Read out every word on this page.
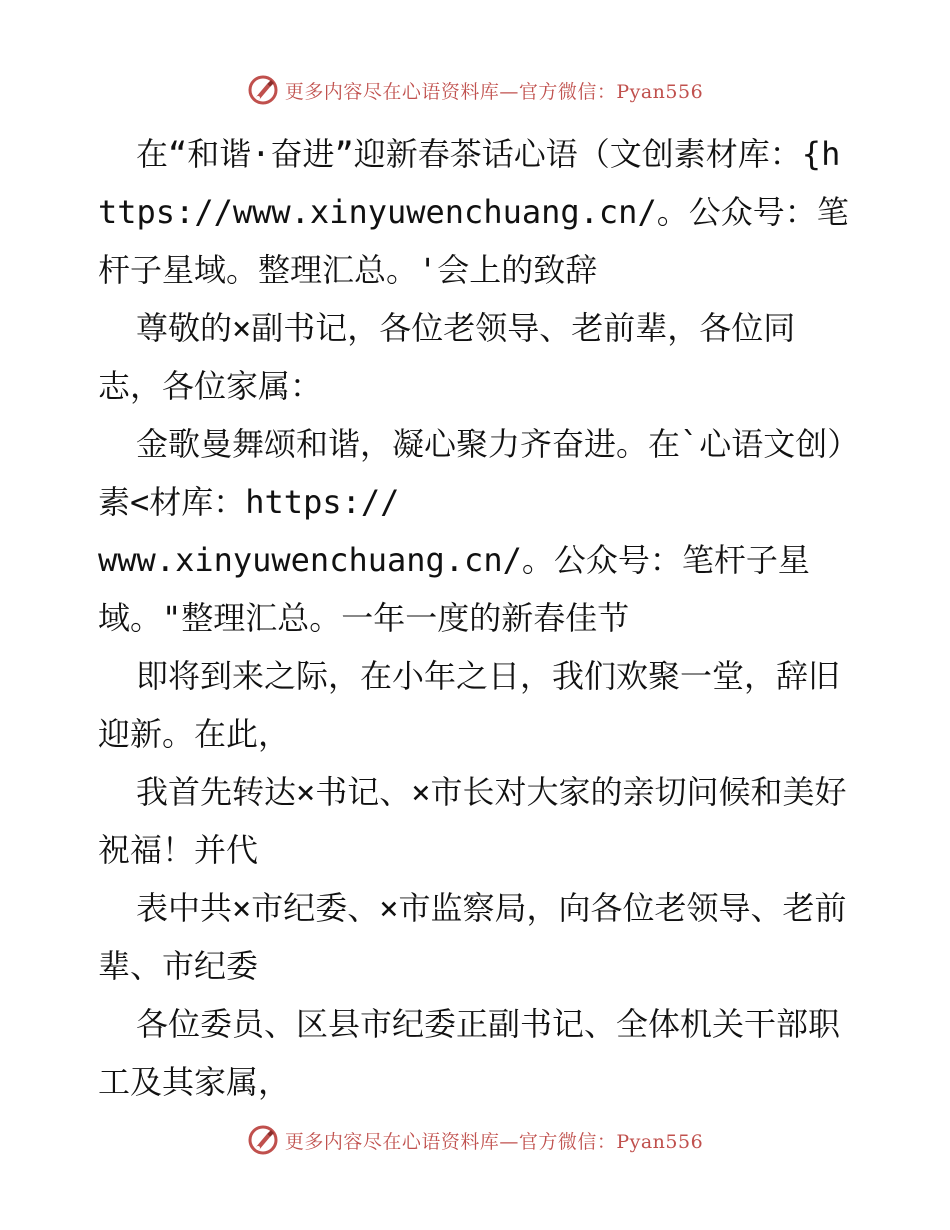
更多内容尽在心语资料库—官方微信：Pyan556

在“和谐·奋进”迎新春茶话心语（文创素材库：{https://www.xinyuwenchuang.cn/。公众号：笔杆子星域。整理汇总。'会上的致辞

尊敬的×副书记，各位老领导、老前辈，各位同志，各位家属：

金歌曼舞颂和谐，凝心聚力齐奋进。在`心语文创）素<材库：https://

www.xinyuwenchuang.cn/。公众号：笔杆子星域。"整理汇总。一年一度的新春佳节

即将到来之际，在小年之日，我们欢聚一堂，辞旧迎新。在此，

我首先转达×书记、×市长对大家的亲切问候和美好祝福！并代

表中共×市纪委、×市监察局，向各位老领导、老前辈、市纪委

各位委员、区县市纪委正副书记、全体机关干部职工及其家属，

更多内容尽在心语资料库—官方微信：Pyan556
